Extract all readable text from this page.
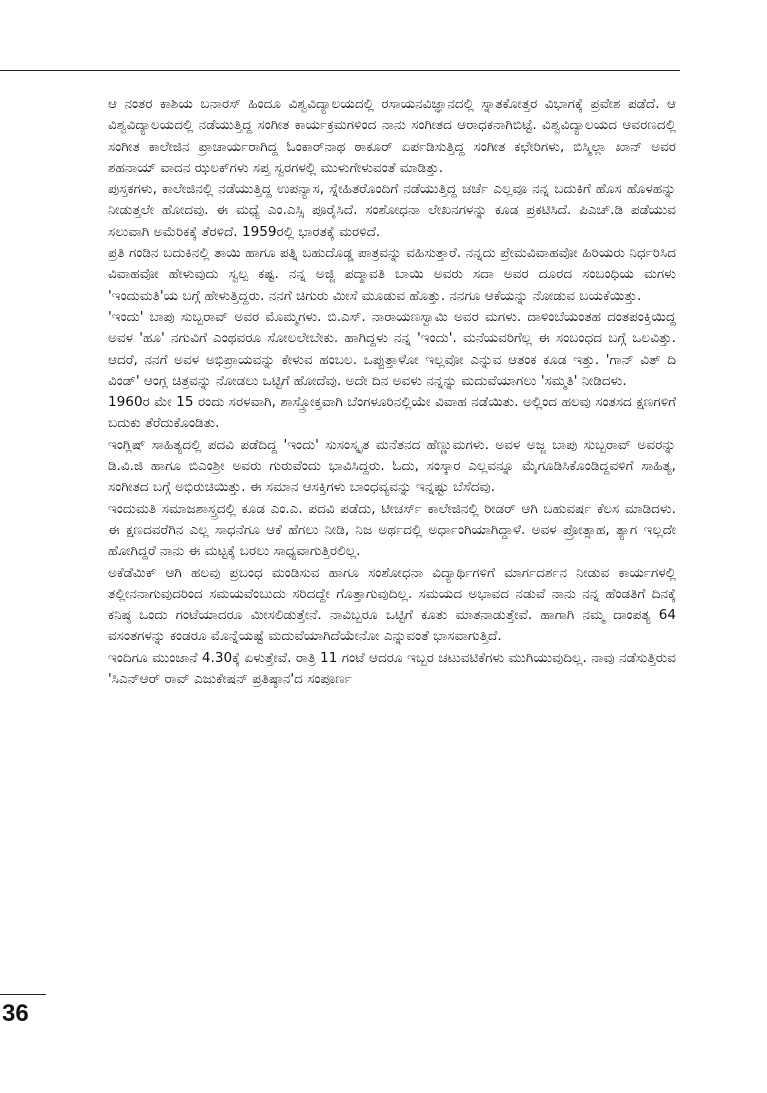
ಆ ನಂತರ ಕಾಶಿಯ ಬನಾರಸ್ ಹಿಂದೂ ವಿಶ್ವವಿದ್ಯಾಲಯದಲ್ಲಿ ರಸಾಯನವಿಜ್ಞಾನದಲ್ಲಿ ಸ್ನಾತಕೋತ್ತರ ವಿಭಾಗಕ್ಕೆ ಪ್ರವೇಶ ಪಡೆದೆ. ಆ ವಿಶ್ವವಿದ್ಯಾಲಯದಲ್ಲಿ ನಡೆಯುತ್ತಿದ್ದ ಸಂಗೀತ ಕಾರ್ಯಕ್ರಮಗಳಿಂದ ನಾನು ಸಂಗೀತದ ಆರಾಧಕನಾಗಿಬಿಟ್ಟೆ. ವಿಶ್ವವಿದ್ಯಾಲಯದ ಆವರಣದಲ್ಲಿ ಸಂಗೀತ ಕಾಲೇಜಿನ ಪ್ರಾಚಾರ್ಯರಾಗಿದ್ದ ಓಂಕಾರ್‌ನಾಥ ಠಾಕೂರ್ ಏರ್ಪಡಿಸುತ್ತಿದ್ದ ಸಂಗೀತ ಕಛೇರಿಗಳು, ಬಿಸ್ಮಿಲ್ಲಾ ಖಾನ್ ಅವರ ಶಹನಾಯ್ ವಾದನ ಝಲಕ್‌ಗಳು ಸಪ್ತ ಸ್ವರಗಳಲ್ಲಿ ಮುಳುಗೇಳುವಂತೆ ಮಾಡಿತ್ತು.

ಪುಸ್ತಕಗಳು, ಕಾಲೇಜಿನಲ್ಲಿ ನಡೆಯುತ್ತಿದ್ದ ಉಪನ್ಯಾಸ, ಸ್ನೇಹಿತರೊಂದಿಗೆ ನಡೆಯುತ್ತಿದ್ದ ಚರ್ಚೆ ಎಲ್ಲವೂ ನನ್ನ ಬದುಕಿಗೆ ಹೊಸ ಹೊಳಹನ್ನು ನೀಡುತ್ತಲೇ ಹೋದವು. ಈ ಮಧ್ಯೆ ಎಂ.ಎಸ್ಸಿ ಪೂರೈಸಿದೆ. ಸಂಶೋಧನಾ ಲೇಖನಗಳನ್ನು ಕೂಡ ಪ್ರಕಟಿಸಿದೆ. ಪಿಎಚ್.ಡಿ ಪಡೆಯುವ ಸಲುವಾಗಿ ಅಮೆರಿಕಕ್ಕೆ ತೆರಳಿದೆ. 1959ರಲ್ಲಿ ಭಾರತಕ್ಕೆ ಮರಳಿದೆ.

ಪ್ರತಿ ಗಂಡಿನ ಬದುಕಿನಲ್ಲಿ ತಾಯಿ ಹಾಗೂ ಪತ್ನಿ ಬಹುದೊಡ್ಡ ಪಾತ್ರವನ್ನು ವಹಿಸುತ್ತಾರೆ. ನನ್ನದು ಪ್ರೇಮವಿವಾಹವೋ ಹಿರಿಯರು ನಿರ್ಧರಿಸಿದ ವಿವಾಹವೋ ಹೇಳುವುದು ಸ್ವಲ್ಪ ಕಷ್ಟ. ನನ್ನ ಅಜ್ಜಿ ಪದ್ಮಾವತಿ ಬಾಯಿ ಅವರು ಸದಾ ಅವರ ದೂರದ ಸಂಬಂಧಿಯ ಮಗಳು 'ಇಂದುಮತಿ'ಯ ಬಗ್ಗೆ ಹೇಳುತ್ತಿದ್ದರು. ನನಗೆ ಚಿಗುರು ಮೀಸೆ ಮೂಡುವ ಹೊತ್ತು. ನನಗೂ ಆಕೆಯನ್ನು ನೋಡುವ ಬಯಕೆಯಿತ್ತು.

'ಇಂದು' ಬಾಪು ಸುಬ್ಬರಾವ್ ಅವರ ಮೊಮ್ಮಗಳು. ಬಿ.ಎಸ್. ನಾರಾಯಣಸ್ವಾಮಿ ಅವರ ಮಗಳು. ದಾಳಿಂಬೆಯಂತಹ ದಂತಪಂಕ್ತಿಯಿದ್ದ ಅವಳ 'ಹೂ' ನಗುವಿಗೆ ಎಂಥವರೂ ಸೋಲಲೇಬೇಕು. ಹಾಗಿದ್ದಳು ನನ್ನ 'ಇಂದು'. ಮನೆಯವರಿಗೆಲ್ಲ ಈ ಸಂಬಂಧದ ಬಗ್ಗೆ ಒಲವಿತ್ತು. ಆದರೆ, ನನಗೆ ಅವಳ ಅಭಿಪ್ರಾಯವನ್ನು ಕೇಳುವ ಹಂಬಲ. ಒಪ್ಪುತ್ತಾಳೋ ಇಲ್ಲವೋ ಎನ್ನುವ ಆತಂಕ ಕೂಡ ಇತ್ತು. 'ಗಾನ್ ವಿತ್ ದಿ ವಿಂಡ್' ಆಂಗ್ಲ ಚಿತ್ರವನ್ನು ನೋಡಲು ಒಟ್ಟಿಗೆ ಹೋದೆವು. ಅದೇ ದಿನ ಅವಳು ನನ್ನನ್ನು ಮದುವೆಯಾಗಲು 'ಸಮ್ಮತಿ' ನೀಡಿದಳು.

1960ರ ಮೇ 15 ರಂದು ಸರಳವಾಗಿ, ಶಾಸ್ತ್ರೋಕ್ತವಾಗಿ ಬೆಂಗಳೂರಿನಲ್ಲಿಯೇ ವಿವಾಹ ನಡೆಯಿತು. ಅಲ್ಲಿಂದ ಹಲವು ಸಂತಸದ ಕ್ಷಣಗಳಿಗೆ ಬದುಕು ತೆರೆದುಕೊಂಡಿತು.

ಇಂಗ್ಲಿಷ್ ಸಾಹಿತ್ಯದಲ್ಲಿ ಪದವಿ ಪಡೆದಿದ್ದ 'ಇಂದು' ಸುಸಂಸ್ಕೃತ ಮನೆತನದ ಹೆಣ್ಣುಮಗಳು. ಅವಳ ಅಜ್ಜ ಬಾಪು ಸುಬ್ಬರಾವ್ ಅವರನ್ನು ಡಿ.ವಿ.ಜಿ ಹಾಗೂ ಬಿಎಂಶ್ರೀ ಅವರು ಗುರುವೆಂದು ಭಾವಿಸಿದ್ದರು. ಓದು, ಸಂಸ್ಕಾರ ಎಲ್ಲವನ್ನೂ ಮೈಗೂಡಿಸಿಕೊಂಡಿದ್ದವಳಿಗೆ ಸಾಹಿತ್ಯ, ಸಂಗೀತದ ಬಗ್ಗೆ ಅಭಿರುಚಿಯಿತ್ತು. ಈ ಸಮಾನ ಆಸಕ್ತಿಗಳು ಬಾಂಧವ್ಯವನ್ನು ಇನ್ನಷ್ಟು ಬೆಸೆದವು.

ಇಂದುಮತಿ ಸಮಾಜಶಾಸ್ತ್ರದಲ್ಲಿ ಕೂಡ ಎಂ.ಎ. ಪದವಿ ಪಡೆದು, ಟೀಚರ್ಸ್ ಕಾಲೇಜಿನಲ್ಲಿ ರೀಡರ್ ಆಗಿ ಬಹುವರ್ಷ ಕೆಲಸ ಮಾಡಿದಳು. ಈ ಕ್ಷಣದವರೆಗಿನ ಎಲ್ಲ ಸಾಧನೆಗೂ ಆಕೆ ಹೆಗಲು ನೀಡಿ, ನಿಜ ಅರ್ಥದಲ್ಲಿ ಅರ್ಧಾಂಗಿಯಾಗಿದ್ದಾಳೆ. ಅವಳ ಪ್ರೋತ್ಸಾಹ, ತ್ಯಾಗ ಇಲ್ಲದೇ ಹೋಗಿದ್ದರೆ ನಾನು ಈ ಮಟ್ಟಕ್ಕೆ ಬರಲು ಸಾಧ್ಯವಾಗುತ್ತಿರಲಿಲ್ಲ.

ಅಕೆಡೆಮಿಕ್ ಆಗಿ ಹಲವು ಪ್ರಬಂಧ ಮಂಡಿಸುವ ಹಾಗೂ ಸಂಶೋಧನಾ ವಿದ್ಯಾರ್ಥಿಗಳಿಗೆ ಮಾರ್ಗದರ್ಶನ ನೀಡುವ ಕಾರ್ಯಗಳಲ್ಲಿ ತಲ್ಲೀನನಾಗುವುದರಿಂದ ಸಮಯವೆಂಬುದು ಸರಿದದ್ದೇ ಗೊತ್ತಾಗುವುದಿಲ್ಲ. ಸಮಯದ ಅಭಾವದ ನಡುವೆ ನಾನು ನನ್ನ ಹೆಂಡತಿಗೆ ದಿನಕ್ಕೆ ಕನಿಷ್ಠ ಒಂದು ಗಂಟೆಯಾದರೂ ಮೀಸಲಿಡುತ್ತೇನೆ. ನಾವಿಬ್ಬರೂ ಒಟ್ಟಿಗೆ ಕೂತು ಮಾತನಾಡುತ್ತೇವೆ. ಹಾಗಾಗಿ ನಮ್ಮ ದಾಂಪತ್ಯ 64 ವಸಂತಗಳನ್ನು ಕಂಡರೂ ಮೊನ್ನೆಯಷ್ಟೆ ಮದುವೆಯಾಗಿದೆಯೇನೋ ಎನ್ನುವಂತೆ ಭಾಸವಾಗುತ್ತಿದೆ.

ಇಂದಿಗೂ ಮುಂಜಾನೆ 4.30ಕ್ಕೆ ಏಳುತ್ತೇವೆ. ರಾತ್ರಿ 11 ಗಂಟೆ ಆದರೂ ಇಬ್ಬರ ಚಟುವಟಿಕೆಗಳು ಮುಗಿಯುವುದಿಲ್ಲ. ನಾವು ನಡೆಸುತ್ತಿರುವ 'ಸಿಎನ್‌ಆರ್ ರಾವ್ ಎಜುಕೇಷನ್ ಪ್ರತಿಷ್ಠಾನ'ದ ಸಂಪೂರ್ಣ

36
